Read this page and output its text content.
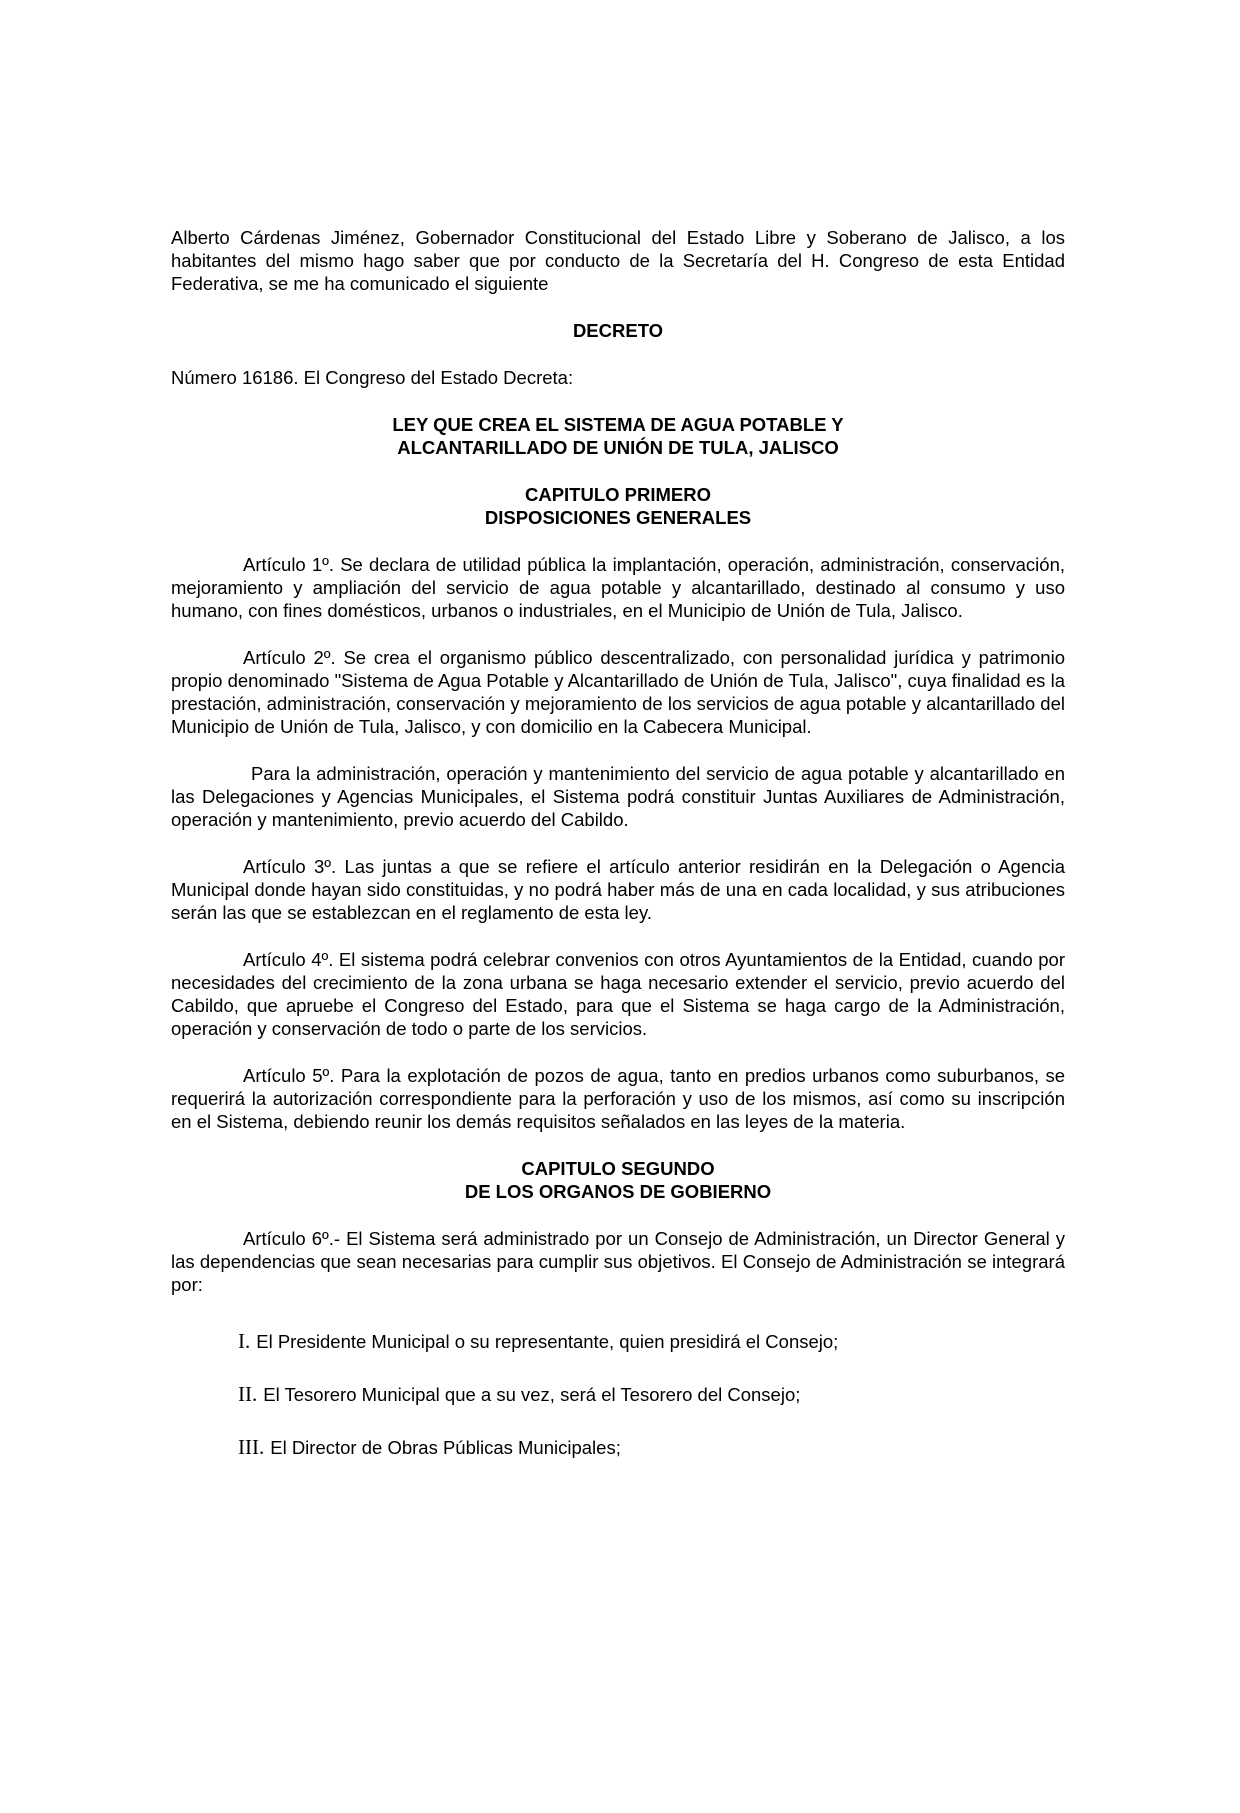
Alberto Cárdenas Jiménez, Gobernador Constitucional del Estado Libre y Soberano de Jalisco, a los habitantes del mismo hago saber que por conducto de la Secretaría del H. Congreso de esta Entidad Federativa, se me ha comunicado el siguiente

DECRETO

Número 16186. El Congreso del Estado Decreta:

LEY QUE CREA EL SISTEMA DE AGUA POTABLE Y
ALCANTARILLADO DE UNIÓN DE TULA, JALISCO
CAPITULO PRIMERO
DISPOSICIONES GENERALES

Artículo 1º. Se declara de utilidad pública la implantación, operación, administración, conservación, mejoramiento y ampliación del servicio de agua potable y alcantarillado, destinado al consumo y uso humano, con fines domésticos, urbanos o industriales, en el Municipio de Unión de Tula, Jalisco.

Artículo 2º. Se crea el organismo público descentralizado, con personalidad jurídica y patrimonio propio denominado "Sistema de Agua Potable y Alcantarillado de Unión de Tula, Jalisco", cuya finalidad es la prestación, administración, conservación y mejoramiento de los servicios de agua potable y alcantarillado del Municipio de Unión de Tula, Jalisco, y con domicilio en la Cabecera Municipal.

Para la administración, operación y mantenimiento del servicio de agua potable y alcantarillado en las Delegaciones y Agencias Municipales, el Sistema podrá constituir Juntas Auxiliares de Administración, operación y mantenimiento, previo acuerdo del Cabildo.

Artículo 3º. Las juntas a que se refiere el artículo anterior residirán en la Delegación o Agencia Municipal donde hayan sido constituidas, y no podrá haber más de una en cada localidad, y sus atribuciones serán las que se establezcan en el reglamento de esta ley.

Artículo 4º. El sistema podrá celebrar convenios con otros Ayuntamientos de la Entidad, cuando por necesidades del crecimiento de la zona urbana se haga necesario extender el servicio, previo acuerdo del Cabildo, que apruebe el Congreso del Estado, para que el Sistema se haga cargo de la Administración, operación y conservación de todo o parte de los servicios.

Artículo 5º. Para la explotación de pozos de agua, tanto en predios urbanos como suburbanos, se requerirá la autorización correspondiente para la perforación y uso de los mismos, así como su inscripción en el Sistema, debiendo reunir los demás requisitos señalados en las leyes de la materia.

CAPITULO SEGUNDO
DE LOS ORGANOS DE GOBIERNO

Artículo 6º.- El Sistema será administrado por un Consejo de Administración, un Director General y las dependencias que sean necesarias para cumplir sus objetivos. El Consejo de Administración se integrará por:

I. El Presidente Municipal o su representante, quien presidirá el Consejo;

II. El Tesorero Municipal que a su vez, será el Tesorero del Consejo;

III. El Director de Obras Públicas Municipales;
